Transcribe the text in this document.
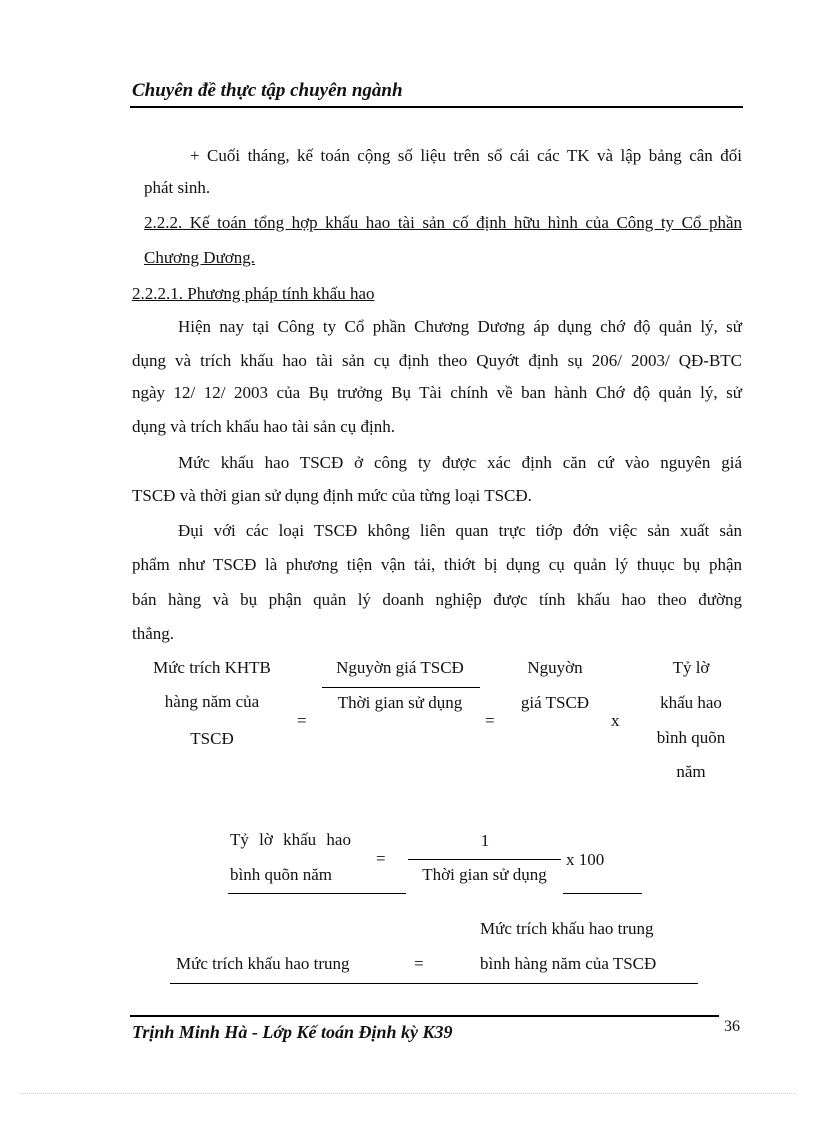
Chuyên đề thực tập chuyên ngành
+ Cuối tháng, kế toán cộng số liệu trên sổ cái các TK và lập bảng cân đối
phát sinh.
2.2.2. Kế toán tổng hợp khấu hao tài sản cố định hữu hình của Công ty Cổ phần
Chương Dương.
2.2.2.1. Phương pháp tính khấu hao
Hiện nay tại Công ty Cổ phần Chương Dương áp dụng chớ độ quản lý, sử
dụng và trích khấu hao tài sản cụ định theo Quyớt định sụ 206/ 2003/ QĐ-BTC
ngày 12/ 12/ 2003 của Bụ trưởng Bụ Tài chính về ban hành Chớ độ quản lý, sử
dụng và trích khấu hao tài sản cụ định.
Mức khấu hao TSCĐ ở công ty được xác định căn cứ vào nguyên giá
TSCĐ và thời gian sử dụng định mức của từng loại TSCĐ.
Đụi với các loại TSCĐ không liên quan trực tiớp đớn việc sản xuất sản
phẩm như TSCĐ là phương tiện vận tải, thiớt bị dụng cụ quản lý thuục bụ phận
bán hàng và bụ phận quản lý doanh nghiệp được tính khấu hao theo đường
thẳng.
Mức trích KHTB
hàng năm của
TSCĐ
=
Nguyờn giá TSCĐ
Thời gian sử dụng
=
Nguyờn
giá TSCĐ
x
Tỷ lờ
khấu hao
bình quõn
năm
Tỷ lờ khấu hao
bình quõn năm
=
1
Thời gian sử dụng
x 100
Mức trích khấu hao trung
Mức trích khấu hao trung	=	bình hàng năm của TSCĐ
Trịnh Minh Hà - Lớp Kế toán Định kỳ K39	36
